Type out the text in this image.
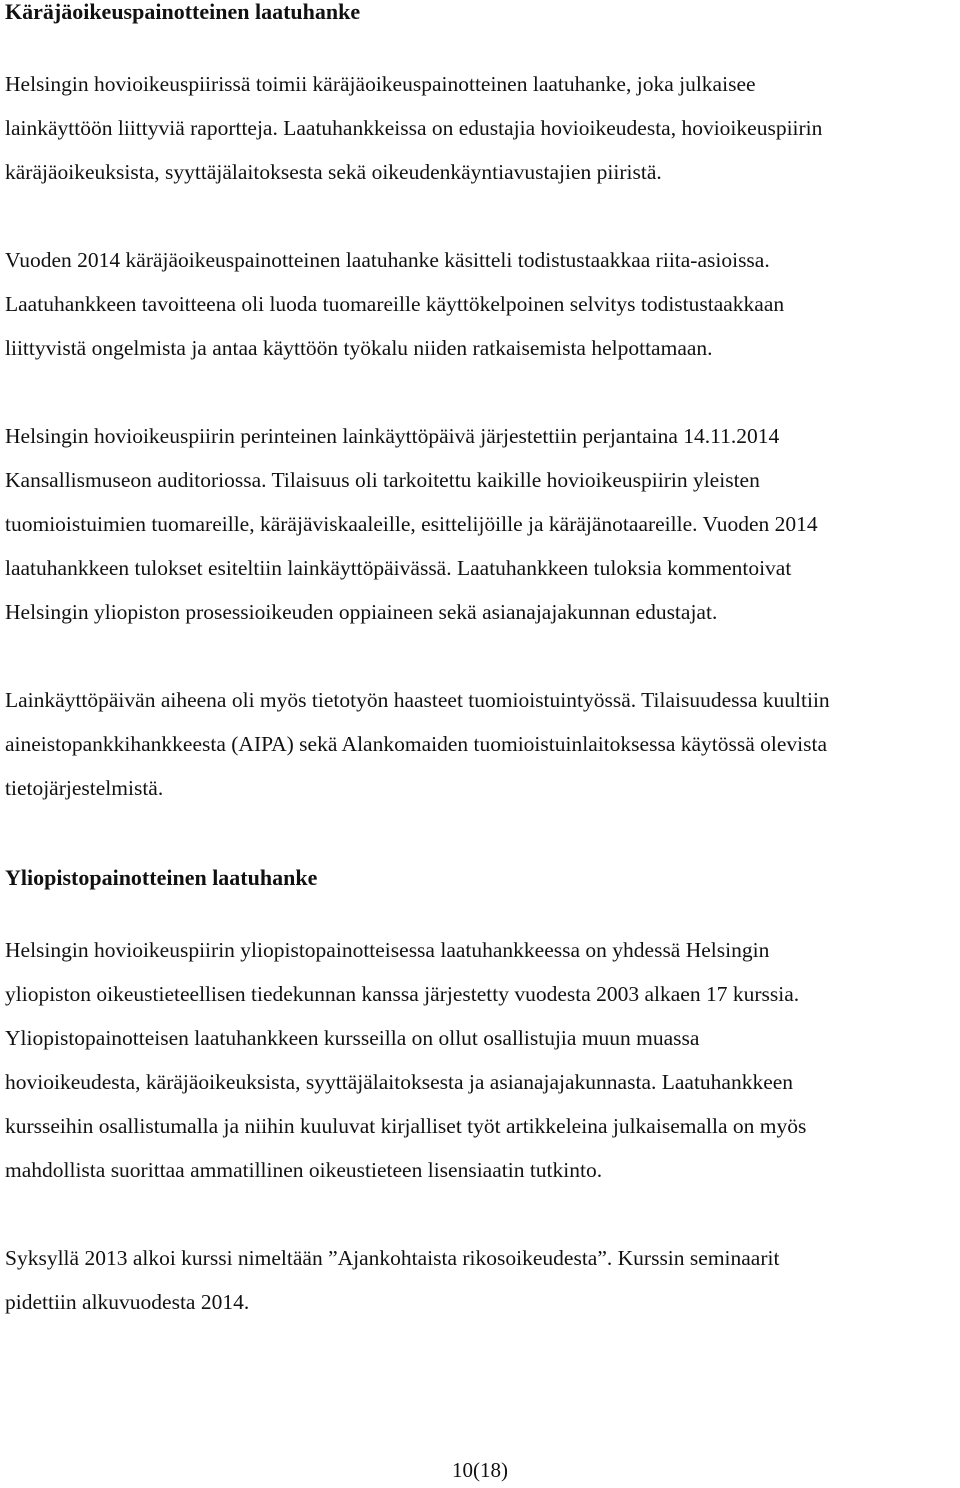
Käräjäoikeuspainotteinen laatuhanke

Helsingin hovioikeuspiirissä toimii käräjäoikeuspainotteinen laatuhanke, joka julkaisee
lainkäyttöön liittyviä raportteja. Laatuhankkeissa on edustajia hovioikeudesta, hovioikeuspiirin
käräjäoikeuksista, syyttäjälaitoksesta sekä oikeudenkäyntiavustajien piiristä.

Vuoden 2014 käräjäoikeuspainotteinen laatuhanke käsitteli todistustaakkaa riita-asioissa.
Laatuhankkeen tavoitteena oli luoda tuomareille käyttökelpoinen selvitys todistustaakkaan
liittyvistä ongelmista ja antaa käyttöön työkalu niiden ratkaisemista helpottamaan.

Helsingin hovioikeuspiirin perinteinen lainkäyttöpäivä järjestettiin perjantaina 14.11.2014
Kansallismuseon auditoriossa. Tilaisuus oli tarkoitettu kaikille hovioikeuspiirin yleisten
tuomioistuimien tuomareille, käräjäviskaaleille, esittelijöille ja käräjänotaareille. Vuoden 2014
laatuhankkeen tulokset esiteltiin lainkäyttöpäivässä. Laatuhankkeen tuloksia kommentoivat
Helsingin yliopiston prosessioikeuden oppiaineen sekä asianajajakunnan edustajat.

Lainkäyttöpäivän aiheena oli myös tietotyön haasteet tuomioistuintyössä. Tilaisuudessa kuultiin
aineistopankkihankkeesta (AIPA) sekä Alankomaiden tuomioistuinlaitoksessa käytössä olevista
tietojärjestelmistä.

Yliopistopainotteinen laatuhanke

Helsingin hovioikeuspiirin yliopistopainotteisessa laatuhankkeessa on yhdessä Helsingin
yliopiston oikeustieteellisen tiedekunnan kanssa järjestetty vuodesta 2003 alkaen 17 kurssia.
Yliopistopainotteisen laatuhankkeen kursseilla on ollut osallistujia muun muassa
hovioikeudesta, käräjäoikeuksista, syyttäjälaitoksesta ja asianajajakunnasta. Laatuhankkeen
kursseihin osallistumalla ja niihin kuuluvat kirjalliset työt artikkeleina julkaisemalla on myös
mahdollista suorittaa ammatillinen oikeustieteen lisensiaatin tutkinto.

Syksyllä 2013 alkoi kurssi nimeltään ”Ajankohtaista rikosoikeudesta”. Kurssin seminaarit
pidettiin alkuvuodesta 2014.

10(18)
